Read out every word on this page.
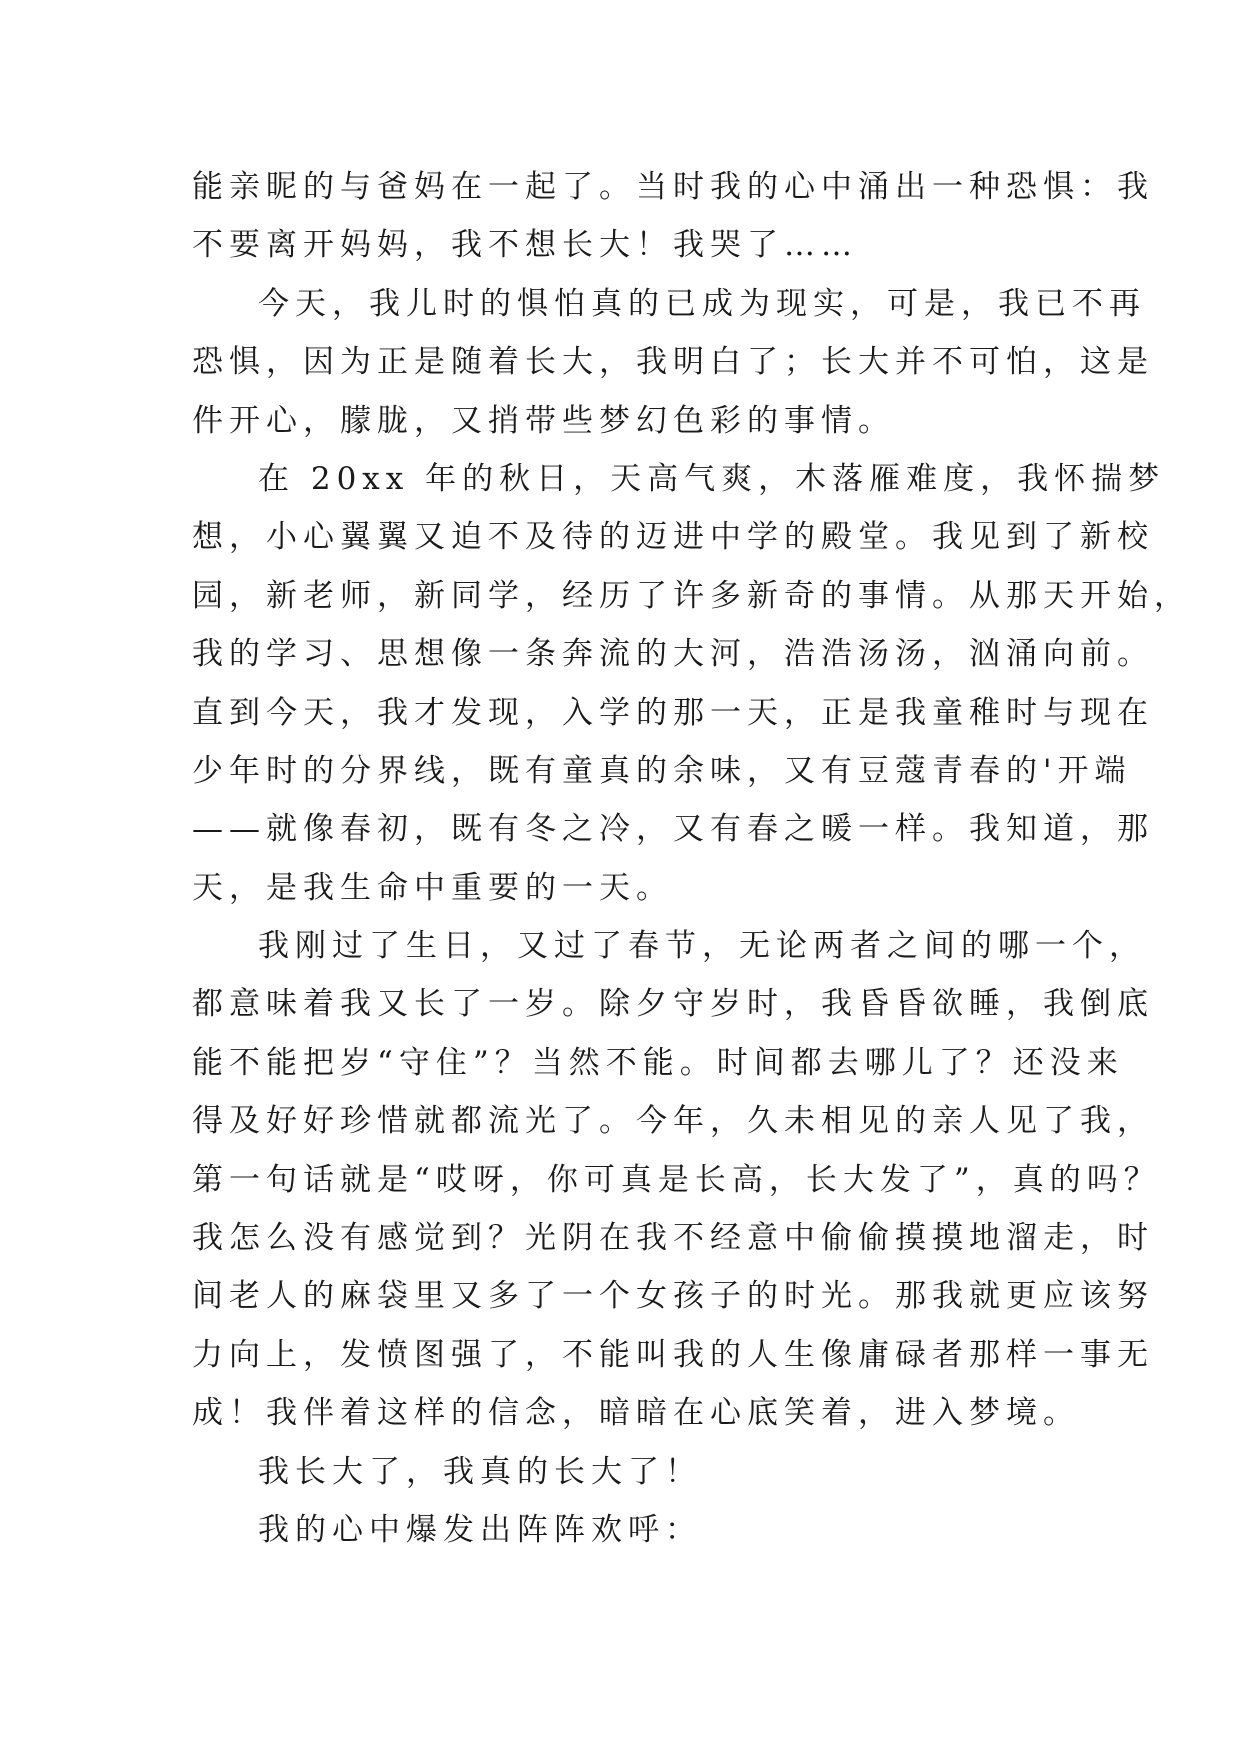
能亲昵的与爸妈在一起了。当时我的心中涌出一种恐惧：我
不要离开妈妈，我不想长大！我哭了……
今天，我儿时的惧怕真的已成为现实，可是，我已不再
恐惧，因为正是随着长大，我明白了；长大并不可怕，这是
件开心，朦胧，又捎带些梦幻色彩的事情。
在 20xx 年的秋日，天高气爽，木落雁难度，我怀揣梦
想，小心翼翼又迫不及待的迈进中学的殿堂。我见到了新校
园，新老师，新同学，经历了许多新奇的事情。从那天开始，
我的学习、思想像一条奔流的大河，浩浩汤汤，汹涌向前。
直到今天，我才发现，入学的那一天，正是我童稚时与现在
少年时的分界线，既有童真的余味，又有豆蔻青春的'开端
——就像春初，既有冬之冷，又有春之暖一样。我知道，那
天，是我生命中重要的一天。
我刚过了生日，又过了春节，无论两者之间的哪一个，
都意味着我又长了一岁。除夕守岁时，我昏昏欲睡，我倒底
能不能把岁“守住”？当然不能。时间都去哪儿了？还没来
得及好好珍惜就都流光了。今年，久未相见的亲人见了我，
第一句话就是“哎呀，你可真是长高，长大发了”，真的吗？
我怎么没有感觉到？光阴在我不经意中偷偷摸摸地溜走，时
间老人的麻袋里又多了一个女孩子的时光。那我就更应该努
力向上，发愤图强了，不能叫我的人生像庸碌者那样一事无
成！我伴着这样的信念，暗暗在心底笑着，进入梦境。
我长大了，我真的长大了！
我的心中爆发出阵阵欢呼：
